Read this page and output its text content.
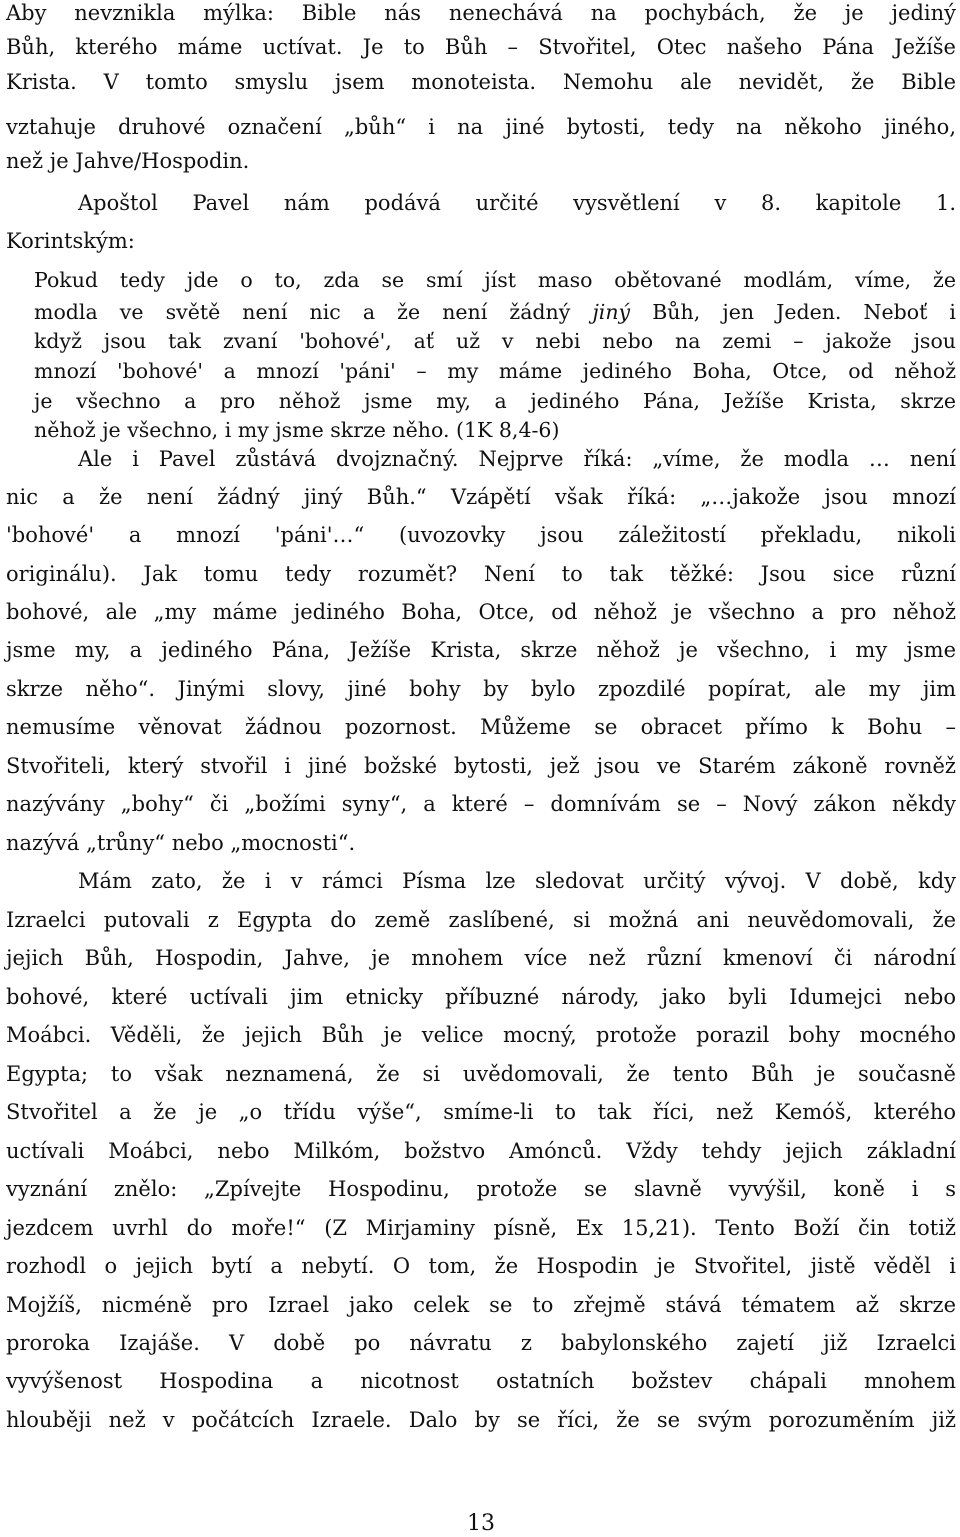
Aby nevznikla mýlka: Bible nás nenechává na pochybách, že je jediný
Bůh, kterého máme uctívat. Je to Bůh – Stvořitel, Otec našeho Pána Ježíše
Krista. V tomto smyslu jsem monoteista. Nemohu ale nevidět, že Bible
vztahuje druhové označení „bůh“ i na jiné bytosti, tedy na někoho jiného,
než je Jahve/Hospodin.
Apoštol Pavel nám podává určité vysvětlení v 8. kapitole 1.
Korintským:
Pokud tedy jde o to, zda se smí jíst maso obětované modlám, víme, že
modla ve světě není nic a že není žádný jiný Bůh, jen Jeden. Neboť i
když jsou tak zvaní 'bohové', ať už v nebi nebo na zemi – jakože jsou
mnozí 'bohové' a mnozí 'páni' – my máme jediného Boha, Otce, od něhož
je všechno a pro něhož jsme my, a jediného Pána, Ježíše Krista, skrze
něhož je všechno, i my jsme skrze něho. (1K 8,4-6)
Ale i Pavel zůstává dvojznačný. Nejprve říká: „víme, že modla … není
nic a že není žádný jiný Bůh.“ Vzápětí však říká: „…jakože jsou mnozí
'bohové' a mnozí 'páni'…“ (uvozovky jsou záležitostí překladu, nikoli
originálu). Jak tomu tedy rozumět? Není to tak těžké: Jsou sice různí
bohové, ale „my máme jediného Boha, Otce, od něhož je všechno a pro něhož
jsme my, a jediného Pána, Ježíše Krista, skrze něhož je všechno, i my jsme
skrze něho“. Jinými slovy, jiné bohy by bylo zpozdilé popírat, ale my jim
nemusíme věnovat žádnou pozornost. Můžeme se obracet přímo k Bohu –
Stvořiteli, který stvořil i jiné božské bytosti, jež jsou ve Starém zákoně rovněž
nazývány „bohy“ či „božími syny“, a které – domnívám se – Nový zákon někdy
nazývá „trůny“ nebo „mocnosti“.
Mám zato, že i v rámci Písma lze sledovat určitý vývoj. V době, kdy
Izraelci putovali z Egypta do země zaslíbené, si možná ani neuvědomovali, že
jejich Bůh, Hospodin, Jahve, je mnohem více než různí kmenoví či národní
bohové, které uctívali jim etnicky příbuzné národy, jako byli Idumejci nebo
Moábci. Věděli, že jejich Bůh je velice mocný, protože porazil bohy mocného
Egypta; to však neznamená, že si uvědomovali, že tento Bůh je současně
Stvořitel a že je „o třídu výše“, smíme-li to tak říci, než Kemóš, kterého
uctívali Moábci, nebo Milkóm, božstvo Amónců. Vždy tehdy jejich základní
vyznání znělo: „Zpívejte Hospodinu, protože se slavně vyvýšil, koně i s
jezdcem uvrhl do moře!“ (Z Mirjaminy písně, Ex 15,21). Tento Boží čin totiž
rozhodl o jejich bytí a nebytí. O tom, že Hospodin je Stvořitel, jistě věděl i
Mojžíš, nicméně pro Izrael jako celek se to zřejmě stává tématem až skrze
proroka Izajáše. V době po návratu z babylonského zajetí již Izraelci
vyvýšenost Hospodina a nicotnost ostatních božstev chápali mnohem
hlouběji než v počátcích Izraele. Dalo by se říci, že se svým porozuměním již
13
